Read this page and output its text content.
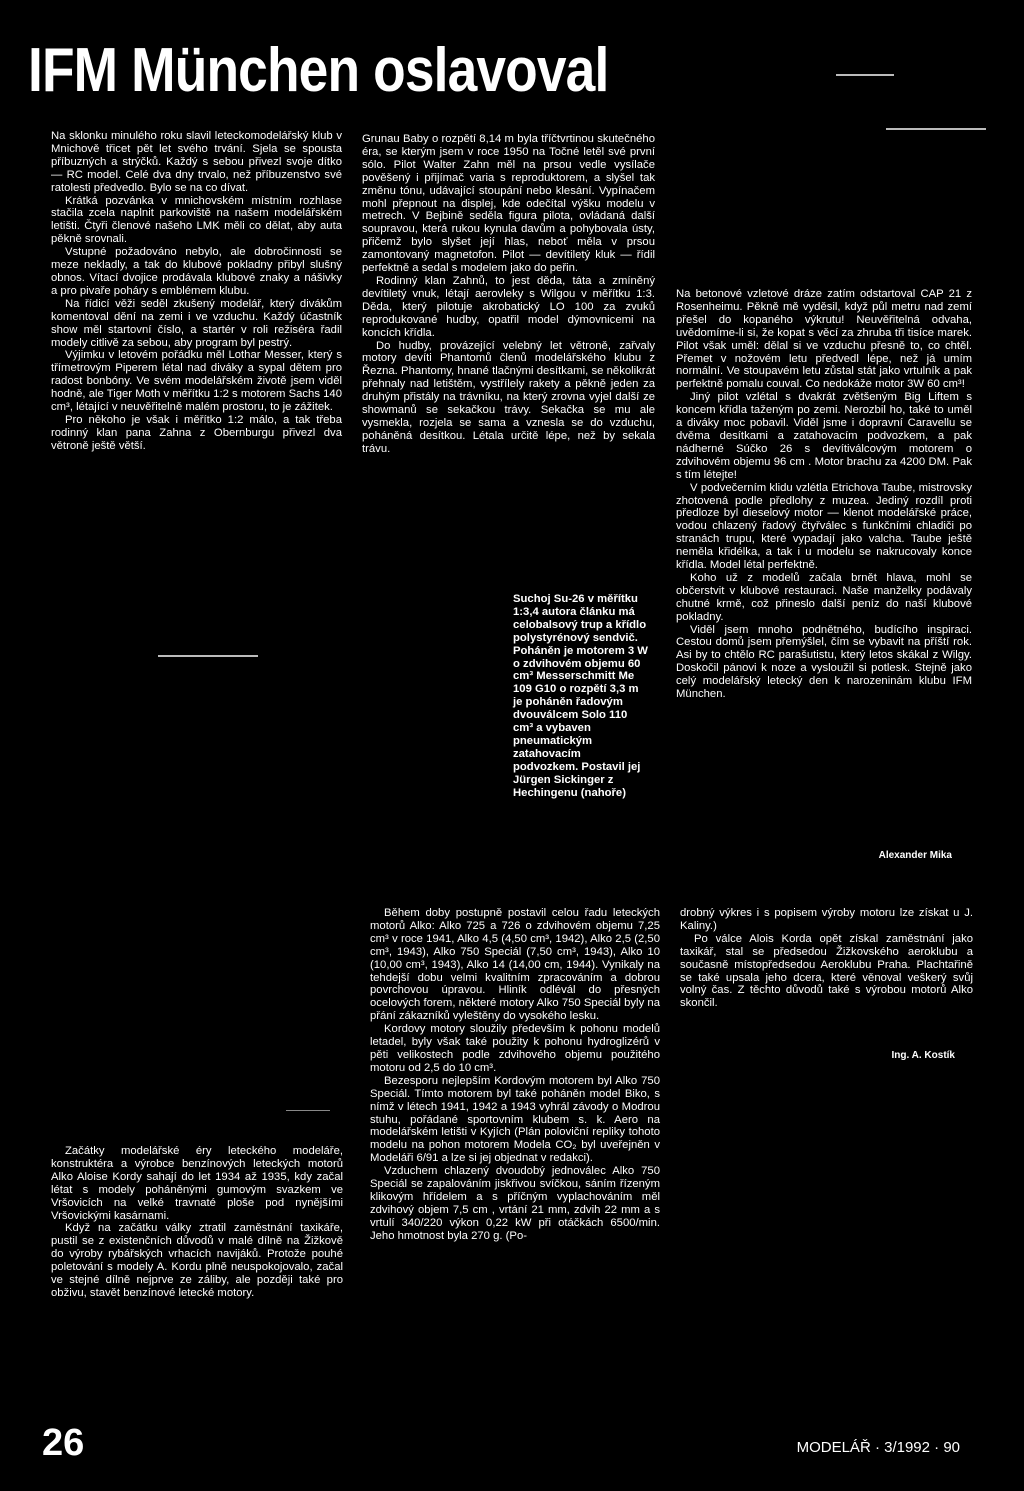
IFM München oslavoval

Na sklonku minulého roku slavil leteckomodelářský klub v Mnichově třicet pět let svého trvání. Sjela se spousta příbuzných a strýčků. Každý s sebou přivezl svoje dítko — RC model. Celé dva dny trvalo, než příbuzenstvo své ratolesti předvedlo. Bylo se na co dívat.

Krátká pozvánka v mnichovském místním rozhlase stačila zcela naplnit parkoviště na našem modelářském letišti. Čtyři členové našeho LMK měli co dělat, aby auta pěkně srovnali.

Vstupné požadováno nebylo, ale dobročinnosti se meze nekladly, a tak do klubové pokladny přibyl slušný obnos. Vítací dvojice prodávala klubové znaky a nášivky a pro pivaře poháry s emblémem klubu.

Na řídicí věži seděl zkušený modelář, který divákům komentoval dění na zemi i ve vzduchu. Každý účastník show měl startovní číslo, a startér v roli režiséra řadil modely citlivě za sebou, aby program byl pestrý.

Výjimku v letovém pořádku měl Lothar Messer, který s třímetrovým Piperem létal nad diváky a sypal dětem pro radost bonbóny. Ve svém modelářském životě jsem viděl hodně, ale Tiger Moth v měřítku 1:2 s motorem Sachs 140 cm³, létající v neuvěřitelně malém prostoru, to je zážitek.

Pro někoho je však i měřítko 1:2 málo, a tak třeba rodinný klan pana Zahna z Obernburgu přivezl dva větroně ještě větší.

Grunau Baby o rozpětí 8,14 m byla tříčtvrtinou skutečného éra, se kterým jsem v roce 1950 na Točné letěl své první sólo. Pilot Walter Zahn měl na prsou vedle vysílače pověšený i přijímač varia s reproduktorem, a slyšel tak změnu tónu, udávající stoupání nebo klesání. Vypínačem mohl přepnout na displej, kde odečítal výšku modelu v metrech. V Bejbině seděla figura pilota, ovládaná další soupravou, která rukou kynula davům a pohybovala ústy, přičemž bylo slyšet její hlas, neboť měla v prsou zamontovaný magnetofon. Pilot — devítiletý kluk — řídil perfektně a sedal s modelem jako do peřin.

Rodinný klan Zahnů, to jest děda, táta a zmíněný devítiletý vnuk, létají aerovleky s Wilgou v měřítku 1:3. Děda, který pilotuje akrobatický LO 100 za zvuků reprodukované hudby, opatřil model dýmovnicemi na koncích křídla.

Do hudby, provázející velebný let větroně, zařvaly motory devíti Phantomů členů modelářského klubu z Řezna. Phantomy, hnané tlačnými desítkami, se několikrát přehnaly nad letištěm, vystřílely rakety a pěkně jeden za druhým přistály na trávníku, na který zrovna vyjel další ze showmanů se sekačkou trávy. Sekačka se mu ale vysmekla, rozjela se sama a vznesla se do vzduchu, poháněná desítkou. Létala určitě lépe, než by sekala trávu.

Suchoj Su-26 v měřítku 1:3,4 autora článku má celobalsový trup a křídlo polystyrénový sendvič. Poháněn je motorem 3 W o zdvihovém objemu 60 cm³ Messerschmitt Me 109 G10 o rozpětí 3,3 m je poháněn řadovým dvouválcem Solo 110 cm³ a vybaven pneumatickým zatahovacím podvozkem. Postavil jej Jürgen Sickinger z Hechingenu (nahoře)

Na betonové vzletové dráze zatím odstartoval CAP 21 z Rosenheimu. Pěkně mě vyděsil, když půl metru nad zemí přešel do kopaného výkrutu! Neuvěřitelná odvaha, uvědomíme-li si, že kopat s věcí za zhruba tři tisíce marek. Pilot však uměl: dělal si ve vzduchu přesně to, co chtěl. Přemet v nožovém letu předvedl lépe, než já umím normální. Ve stoupavém letu zůstal stát jako vrtulník a pak perfektně pomalu couval. Co nedokáže motor 3W 60 cm³!

Jiný pilot vzlétal s dvakrát zvětšeným Big Liftem s koncem křídla taženým po zemi. Nerozbil ho, také to uměl a diváky moc pobavil. Viděl jsme i dopravní Caravellu se dvěma desítkami a zatahovacím podvozkem, a pak nádherné Súčko 26 s devítiválcovým motorem o zdvihovém objemu 96 cm . Motor brachu za 4200 DM. Pak s tím létejte!

V podvečerním klidu vzlétla Etrichova Taube, mistrovsky zhotovená podle předlohy z muzea. Jediný rozdíl proti předloze byl dieselový motor — klenot modelářské práce, vodou chlazený řadový čtyřválec s funkčními chladiči po stranách trupu, které vypadají jako valcha. Taube ještě neměla křidélka, a tak i u modelu se nakrucovaly konce křídla. Model létal perfektně.

Koho už z modelů začala brnět hlava, mohl se občerstvit v klubové restauraci. Naše manželky podávaly chutné krmě, což přineslo další peníz do naší klubové pokladny.

Viděl jsem mnoho podnětného, budícího inspiraci. Cestou domů jsem přemýšlel, čím se vybavit na příští rok. Asi by to chtělo RC parašutistu, který letos skákal z Wilgy. Doskočil pánovi k noze a vysloužil si potlesk. Stejně jako celý modelářský letecký den k narozeninám klubu IFM München.

Alexander Mika

Začátky modelářské éry leteckého modeláře, konstruktéra a výrobce benzínových leteckých motorů Alko Aloise Kordy sahají do let 1934 až 1935, kdy začal létat s modely poháněnými gumovým svazkem ve Vršovicích na velké travnaté ploše pod nynějšími Vršovickými kasárnami.

Když na začátku války ztratil zaměstnání taxikáře, pustil se z existenčních důvodů v malé dílně na Žižkově do výroby rybářských vrhacích navijáků. Protože pouhé poletování s modely A. Kordu plně neuspokojovalo, začal ve stejné dílně nejprve ze záliby, ale později také pro obživu, stavět benzínové letecké motory.

Během doby postupně postavil celou řadu leteckých motorů Alko: Alko 725 a 726 o zdvihovém objemu 7,25 cm³ v roce 1941, Alko 4,5 (4,50 cm³, 1942), Alko 2,5 (2,50 cm³, 1943), Alko 750 Speciál (7,50 cm³, 1943), Alko 10 (10,00 cm³, 1943), Alko 14 (14,00 cm, 1944). Vynikaly na tehdejší dobu velmi kvalitním zpracováním a dobrou povrchovou úpravou. Hliník odlévál do přesných ocelových forem, některé motory Alko 750 Speciál byly na přání zákazníků vyleštěny do vysokého lesku.

Kordovy motory sloužily především k pohonu modelů letadel, byly však také použity k pohonu hydroglizérů v pěti velikostech podle zdvihového objemu použitého motoru od 2,5 do 10 cm³.

Bezesporu nejlepším Kordovým motorem byl Alko 750 Speciál. Tímto motorem byl také poháněn model Biko, s nímž v létech 1941, 1942 a 1943 vyhrál závody o Modrou stuhu, pořádané sportovním klubem s. k. Aero na modelářském letišti v Kyjích (Plán poloviční repliky tohoto modelu na pohon motorem Modela CO₂ byl uveřejněn v Modeláři 6/91 a lze si jej objednat v redakci).

Vzduchem chlazený dvoudobý jednoválec Alko 750 Speciál se zapalováním jiskřivou svíčkou, sáním řízeným klikovým hřídelem a s příčným vyplachováním měl zdvihový objem 7,5 cm , vrtání 21 mm, zdvih 22 mm a s vrtulí 340/220 výkon 0,22 kW při otáčkách 6500/min. Jeho hmotnost byla 270 g. (Po-

drobný výkres i s popisem výroby motoru lze získat u J. Kaliny.)

Po válce Alois Korda opět získal zaměstnání jako taxikář, stal se předsedou Žižkovského aeroklubu a současně místopředsedou Aeroklubu Praha. Plachtařině se také upsala jeho dcera, které věnoval veškerý svůj volný čas. Z těchto důvodů také s výrobou motorů Alko skončil.

Ing. A. Kostík
26	MODELÁŘ · 3/1992 · 90
